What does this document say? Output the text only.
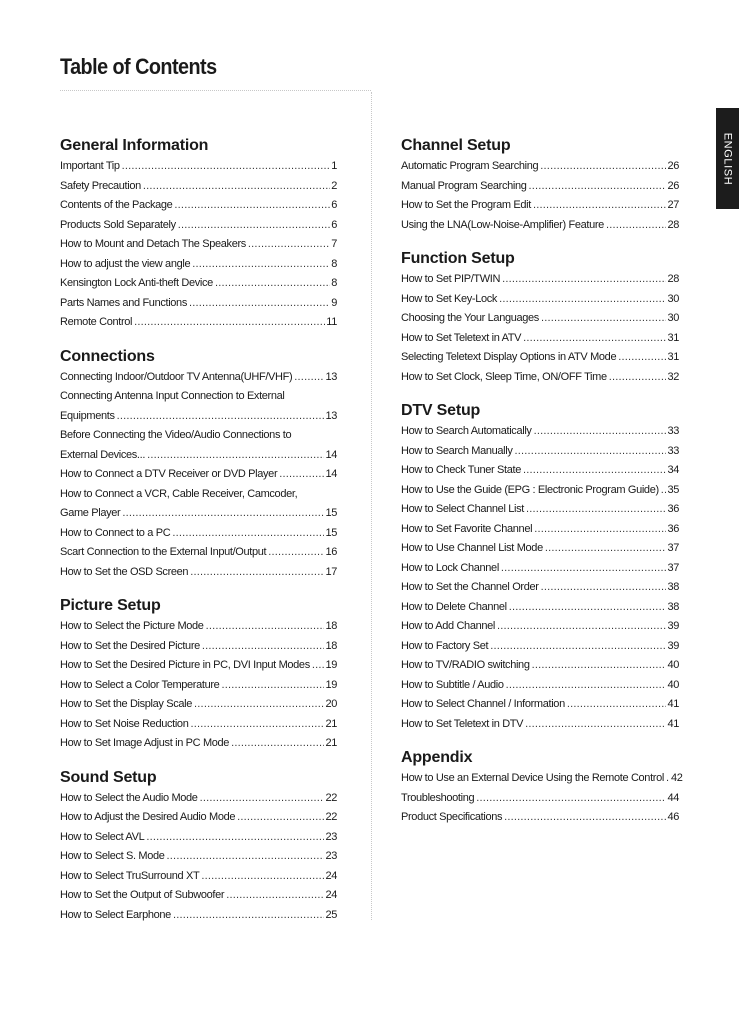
Table of Contents
ENGLISH
General Information
Important Tip .....	1
Safety Precaution .....	2
Contents of the Package .....	6
Products Sold Separately .....	6
How to Mount and Detach The Speakers .....	7
How to adjust the view angle .....	8
Kensington Lock Anti-theft Device .....	8
Parts Names and Functions .....	9
Remote Control .....	11
Connections
Connecting Indoor/Outdoor TV Antenna(UHF/VHF) .....	13
Connecting Antenna Input Connection to External
Equipments .....	13
Before Connecting the Video/Audio Connections to
External Devices... .....	14
How to Connect a DTV Receiver or DVD Player .....	14
How to Connect a VCR, Cable Receiver, Camcoder,
Game Player .....	15
How to Connect to a PC .....	15
Scart Connection to the External Input/Output .....	16
How to Set the OSD Screen .....	17
Picture Setup
How to Select the Picture Mode .....	18
How to Set the Desired Picture .....	18
How to Set the Desired Picture in PC, DVI Input Modes ..... 19
How to Select a Color Temperature .....	19
How to Set the Display Scale .....	20
How to Set Noise Reduction .....	21
How to Set Image Adjust in PC Mode .....	21
Sound Setup
How to Select the Audio Mode .....	22
How to Adjust the Desired Audio Mode .....	22
How to Select AVL .....	23
How to Select S. Mode .....	23
How to Select TruSurround XT .....	24
How to Set the Output of Subwoofer .....	24
How to Select Earphone .....	25
Channel Setup
Automatic Program Searching .....	26
Manual Program Searching .....	26
How to Set the Program Edit .....	27
Using the LNA(Low-Noise-Amplifier) Feature .....	28
Function Setup
How to Set PIP/TWIN .....	28
How to Set Key-Lock .....	30
Choosing the Your Languages .....	30
How to Set Teletext in ATV .....	31
Selecting Teletext Display Options in ATV Mode .....	31
How to Set Clock, Sleep Time, ON/OFF Time .....	32
DTV Setup
How to Search Automatically .....	33
How to Search Manually .....	33
How to Check Tuner State .....	34
How to Use the Guide (EPG : Electronic Program Guide) ..... 35
How to Select Channel List .....	36
How to Set Favorite Channel .....	36
How to Use Channel List Mode .....	37
How to Lock Channel .....	37
How to Set the Channel Order .....	38
How to Delete Channel .....	38
How to Add Channel .....	39
How to Factory Set .....	39
How to TV/RADIO switching .....	40
How to Subtitle / Audio .....	40
How to Select Channel / Information .....	41
How to Set Teletext in DTV .....	41
Appendix
How to Use an External Device Using the Remote Control ..... 42
Troubleshooting .....	44
Product Specifications .....	46
